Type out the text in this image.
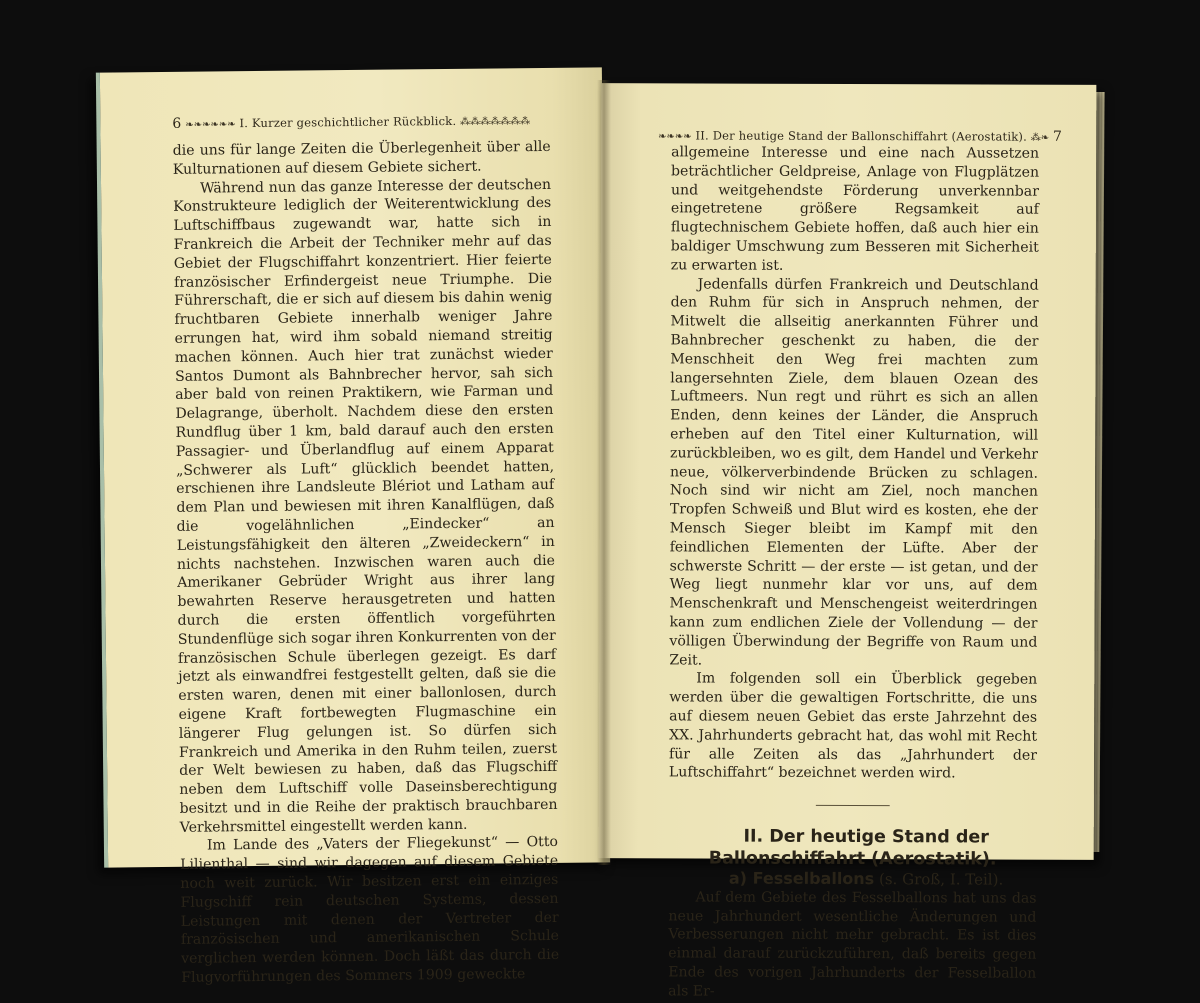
6 ❧❧❧❧❧❧ I. Kurzer geschichtlicher Rückblick. ⁂⁂⁂⁂⁂⁂⁂

die uns für lange Zeiten die Überlegenheit über alle Kulturnationen auf diesem Gebiete sichert.

Während nun das ganze Interesse der deutschen Konstrukteure lediglich der Weiterentwicklung des Luftschiffbaus zugewandt war, hatte sich in Frankreich die Arbeit der Techniker mehr auf das Gebiet der Flugschiffahrt konzentriert. Hier feierte französischer Erfindergeist neue Triumphe. Die Führerschaft, die er sich auf diesem bis dahin wenig fruchtbaren Gebiete innerhalb weniger Jahre errungen hat, wird ihm sobald niemand streitig machen können. Auch hier trat zunächst wieder Santos Dumont als Bahnbrecher hervor, sah sich aber bald von reinen Praktikern, wie Farman und Delagrange, überholt. Nachdem diese den ersten Rundflug über 1 km, bald darauf auch den ersten Passagier- und Überlandflug auf einem Apparat „Schwerer als Luft“ glücklich beendet hatten, erschienen ihre Landsleute Blériot und Latham auf dem Plan und bewiesen mit ihren Kanalflügen, daß die vogelähnlichen „Eindecker“ an Leistungsfähigkeit den älteren „Zweideckern“ in nichts nachstehen. Inzwischen waren auch die Amerikaner Gebrüder Wright aus ihrer lang bewahrten Reserve herausgetreten und hatten durch die ersten öffentlich vorgeführten Stundenflüge sich sogar ihren Konkurrenten von der französischen Schule überlegen gezeigt. Es darf jetzt als einwandfrei festgestellt gelten, daß sie die ersten waren, denen mit einer ballonlosen, durch eigene Kraft fortbewegten Flugmaschine ein längerer Flug gelungen ist. So dürfen sich Frankreich und Amerika in den Ruhm teilen, zuerst der Welt bewiesen zu haben, daß das Flugschiff neben dem Luftschiff volle Daseinsberechtigung besitzt und in die Reihe der praktisch brauchbaren Verkehrsmittel eingestellt werden kann.

Im Lande des „Vaters der Fliegekunst“ — Otto Lilienthal — sind wir dagegen auf diesem Gebiete noch weit zurück. Wir besitzen erst ein einziges Flugschiff rein deutschen Systems, dessen Leistungen mit denen der Vertreter der französischen und amerikanischen Schule verglichen werden können. Doch läßt das durch die Flugvorführungen des Sommers 1909 geweckte

❧❧❧❧ II. Der heutige Stand der Ballonschiffahrt (Aerostatik). ⁂❧ 7

allgemeine Interesse und eine nach Aussetzen beträchtlicher Geldpreise, Anlage von Flugplätzen und weitgehendste Förderung unverkennbar eingetretene größere Regsamkeit auf flugtechnischem Gebiete hoffen, daß auch hier ein baldiger Umschwung zum Besseren mit Sicherheit zu erwarten ist.

Jedenfalls dürfen Frankreich und Deutschland den Ruhm für sich in Anspruch nehmen, der Mitwelt die allseitig anerkannten Führer und Bahnbrecher geschenkt zu haben, die der Menschheit den Weg frei machten zum langersehnten Ziele, dem blauen Ozean des Luftmeers. Nun regt und rührt es sich an allen Enden, denn keines der Länder, die Anspruch erheben auf den Titel einer Kulturnation, will zurückbleiben, wo es gilt, dem Handel und Verkehr neue, völkerverbindende Brücken zu schlagen. Noch sind wir nicht am Ziel, noch manchen Tropfen Schweiß und Blut wird es kosten, ehe der Mensch Sieger bleibt im Kampf mit den feindlichen Elementen der Lüfte. Aber der schwerste Schritt — der erste — ist getan, und der Weg liegt nunmehr klar vor uns, auf dem Menschenkraft und Menschengeist weiterdringen kann zum endlichen Ziele der Vollendung — der völligen Überwindung der Begriffe von Raum und Zeit.

Im folgenden soll ein Überblick gegeben werden über die gewaltigen Fortschritte, die uns auf diesem neuen Gebiet das erste Jahrzehnt des XX. Jahrhunderts gebracht hat, das wohl mit Recht für alle Zeiten als das „Jahrhundert der Luftschiffahrt“ bezeichnet werden wird.

II. Der heutige Stand der Ballonschiffahrt (Aerostatik).

a) Fesselballons (s. Groß, I. Teil).

Auf dem Gebiete des Fesselballons hat uns das neue Jahrhundert wesentliche Änderungen und Verbesserungen nicht mehr gebracht. Es ist dies einmal darauf zurückzuführen, daß bereits gegen Ende des vorigen Jahrhunderts der Fesselballon als Er-
